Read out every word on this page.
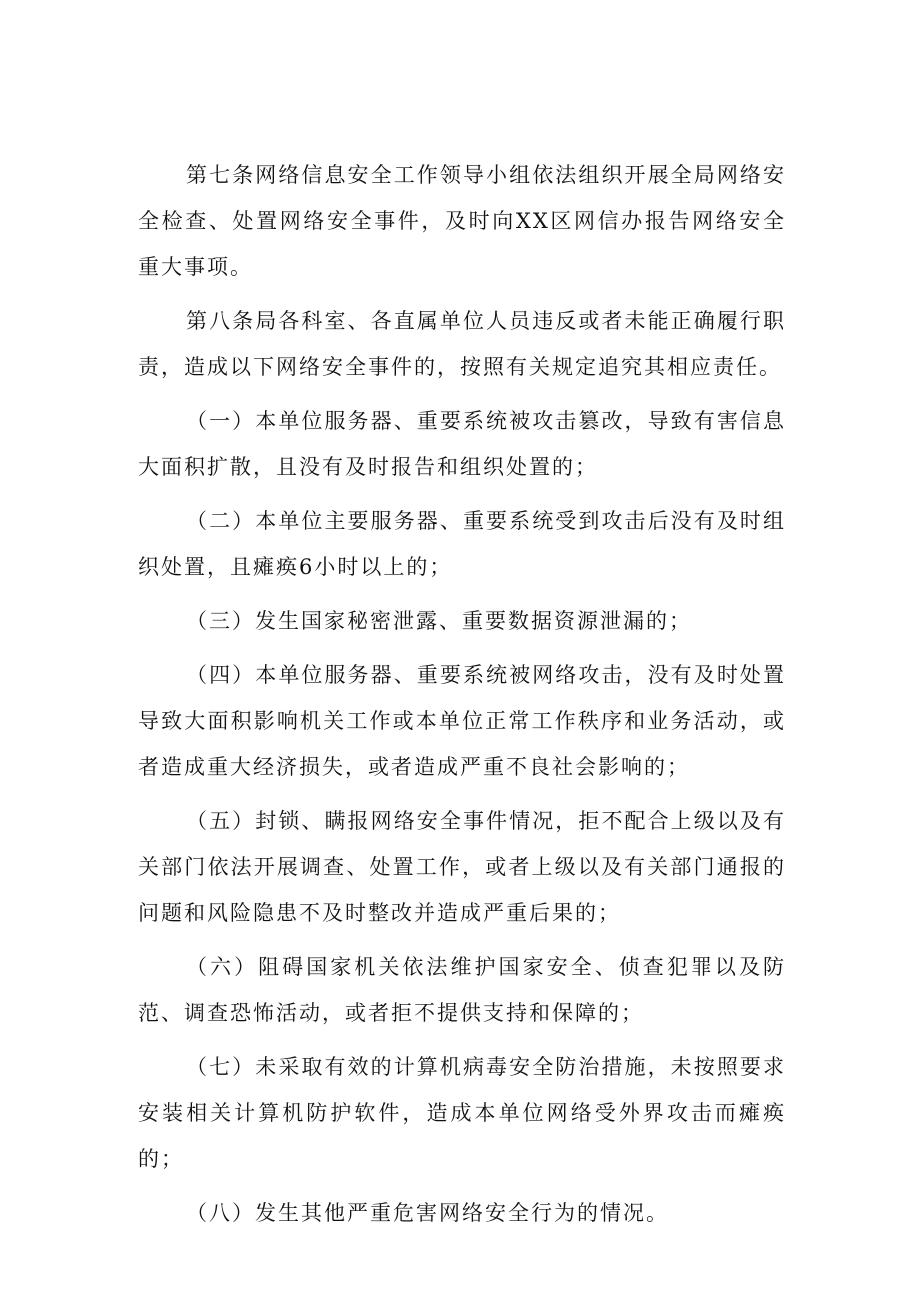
第七条网络信息安全工作领导小组依法组织开展全局网络安全检查、处置网络安全事件，及时向XX区网信办报告网络安全重大事项。

第八条局各科室、各直属单位人员违反或者未能正确履行职责，造成以下网络安全事件的，按照有关规定追究其相应责任。

（一）本单位服务器、重要系统被攻击篡改，导致有害信息大面积扩散，且没有及时报告和组织处置的；

（二）本单位主要服务器、重要系统受到攻击后没有及时组织处置，且瘫痪6小时以上的；

（三）发生国家秘密泄露、重要数据资源泄漏的；

（四）本单位服务器、重要系统被网络攻击，没有及时处置导致大面积影响机关工作或本单位正常工作秩序和业务活动，或者造成重大经济损失，或者造成严重不良社会影响的；

（五）封锁、瞒报网络安全事件情况，拒不配合上级以及有关部门依法开展调查、处置工作，或者上级以及有关部门通报的问题和风险隐患不及时整改并造成严重后果的；

（六）阻碍国家机关依法维护国家安全、侦查犯罪以及防范、调查恐怖活动，或者拒不提供支持和保障的；

（七）未采取有效的计算机病毒安全防治措施，未按照要求安装相关计算机防护软件，造成本单位网络受外界攻击而瘫痪的；

（八）发生其他严重危害网络安全行为的情况。
